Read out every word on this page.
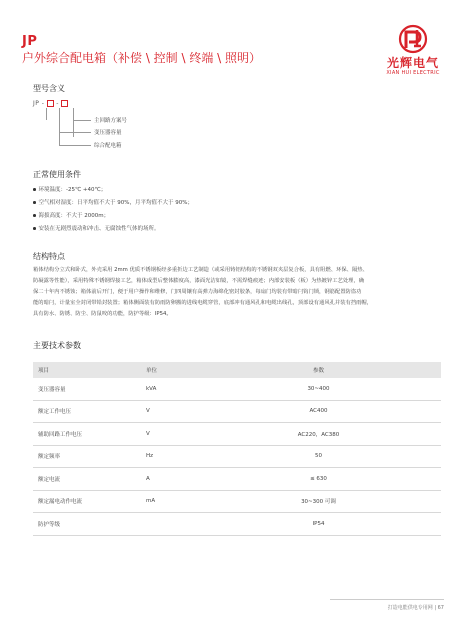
JP
户外综合配电箱（补偿 \ 控制 \ 终端 \ 照明）	光辉电气
XIAN HUI ELECTRIC
型号含义
JP -  -
主回路方案号
变压器容量
综合配电箱
正常使用条件
环境温度：-25℃ +40℃；
空气相对湿度：日平均值不大于 90%，月平均值不大于 90%；
海拔高度：不大于 2000m；
安装在无剧烈震动和冲击、无腐蚀性气体的场所。
结构特点
箱体结构分立式和卧式，外壳采用 2mm 优质不锈钢板经多重折边工艺制造（或采用铸铝结构的不锈钢双夹层复合板，具有阻燃、环保、隔热、
防凝露等性能），采用特殊不锈钢焊接工艺，箱体成型后整体膨度高，漆面光洁如镜，不需焊缝痕迹；内部安装板（板）为热镀锌工艺处理，确
保二十年内不锈蚀；箱体前后开门，便于用户操作和维修，门四周镶有高弹力海绵化密封胶条，每扇门均装有带暗闩钩门锁，钢筋配置防盗功
能的暗闩，计量室全封闭带铅封装置；箱体侧面装有防雨防卵搬的进线电缆穿管，底部冲有通风孔和电缆出线孔，顶部设有通风孔并装有挡雨帽，
具有防水、防锈、防尘、防鼠咬的功能，防护等级：IP54。
主要技术参数
项目	单位	参数
变压器容量	kVA	30~400
额定工作电压	V	AC400
辅助回路工作电压	V	AC220，AC380
额定频率	Hz	50
额定电流	A	≤ 630
额定漏电动作电流	mA	30~300 可调
防护等级		IP54
打造电能供电专用网 | 67
